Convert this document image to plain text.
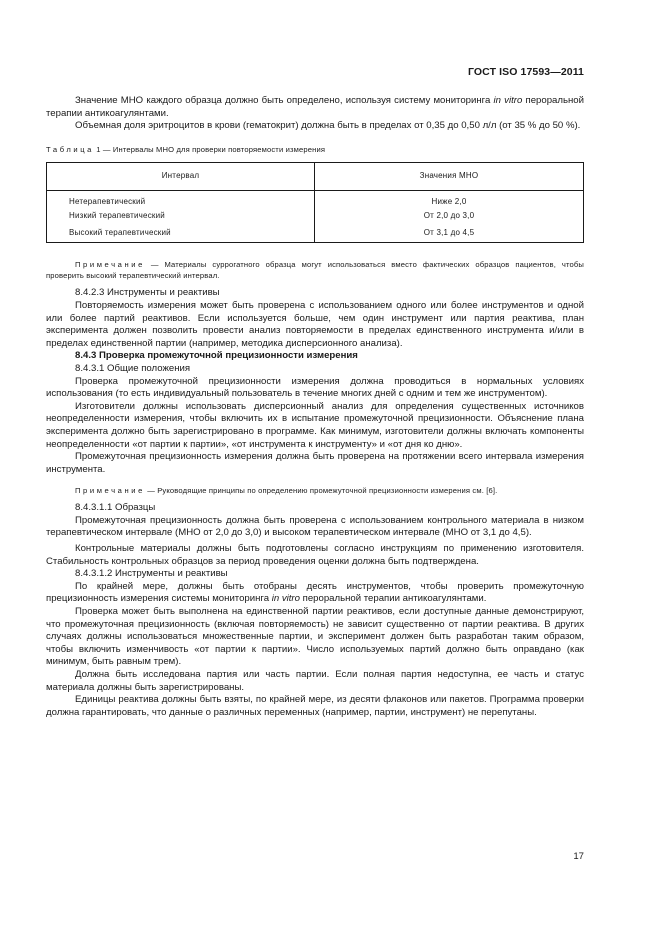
ГОСТ ISO 17593—2011

Значение МНО каждого образца должно быть определено, используя систему мониторинга in vitro пероральной терапии антикоагулянтами.

Объемная доля эритроцитов в крови (гематокрит) должна быть в пределах от 0,35 до 0,50 л/л (от 35 % до 50 %).

Таблица 1 — Интервалы МНО для проверки повторяемости измерения
Интервал	Значения МНО
Нетерапевтический	Ниже 2,0
Низкий терапевтический	От 2,0 до 3,0
Высокий терапевтический	От 3,1 до 4,5
Примечание — Материалы суррогатного образца могут использоваться вместо фактических образцов пациентов, чтобы проверить высокий терапевтический интервал.
8.4.2.3 Инструменты и реактивы

Повторяемость измерения может быть проверена с использованием одного или более инструментов и одной или более партий реактивов. Если используется больше, чем один инструмент или партия реактива, план эксперимента должен позволить провести анализ повторяемости в пределах единственного инструмента и/или в пределах единственной партии (например, методика дисперсионного анализа).

8.4.3 Проверка промежуточной прецизионности измерения
8.4.3.1 Общие положения

Проверка промежуточной прецизионности измерения должна проводиться в нормальных условиях использования (то есть индивидуальный пользователь в течение многих дней с одним и тем же инструментом).

Изготовители должны использовать дисперсионный анализ для определения существенных источников неопределенности измерения, чтобы включить их в испытание промежуточной прецизионности. Объяснение плана эксперимента должно быть зарегистрировано в программе. Как минимум, изготовители должны включать компоненты неопределенности «от партии к партии», «от инструмента к инструменту» и «от дня ко дню».

Промежуточная прецизионность измерения должна быть проверена на протяжении всего интервала измерения инструмента.

Примечание — Руководящие принципы по определению промежуточной прецизионности измерения см. [6].
8.4.3.1.1 Образцы

Промежуточная прецизионность должна быть проверена с использованием контрольного материала в низком терапевтическом интервале (МНО от 2,0 до 3,0) и высоком терапевтическом интервале (МНО от 3,1 до 4,5).

Контрольные материалы должны быть подготовлены согласно инструкциям по применению изготовителя. Стабильность контрольных образцов за период проведения оценки должна быть подтверждена.

8.4.3.1.2 Инструменты и реактивы

По крайней мере, должны быть отобраны десять инструментов, чтобы проверить промежуточную прецизионность измерения системы мониторинга in vitro пероральной терапии антикоагулянтами.

Проверка может быть выполнена на единственной партии реактивов, если доступные данные демонстрируют, что промежуточная прецизионность (включая повторяемость) не зависит существенно от партии реактива. В других случаях должны использоваться множественные партии, и эксперимент должен быть разработан таким образом, чтобы включить изменчивость «от партии к партии». Число используемых партий должно быть оправдано (как минимум, быть равным трем).

Должна быть исследована партия или часть партии. Если полная партия недоступна, ее часть и статус материала должны быть зарегистрированы.

Единицы реактива должны быть взяты, по крайней мере, из десяти флаконов или пакетов. Программа проверки должна гарантировать, что данные о различных переменных (например, партии, инструмент) не перепутаны.

17
